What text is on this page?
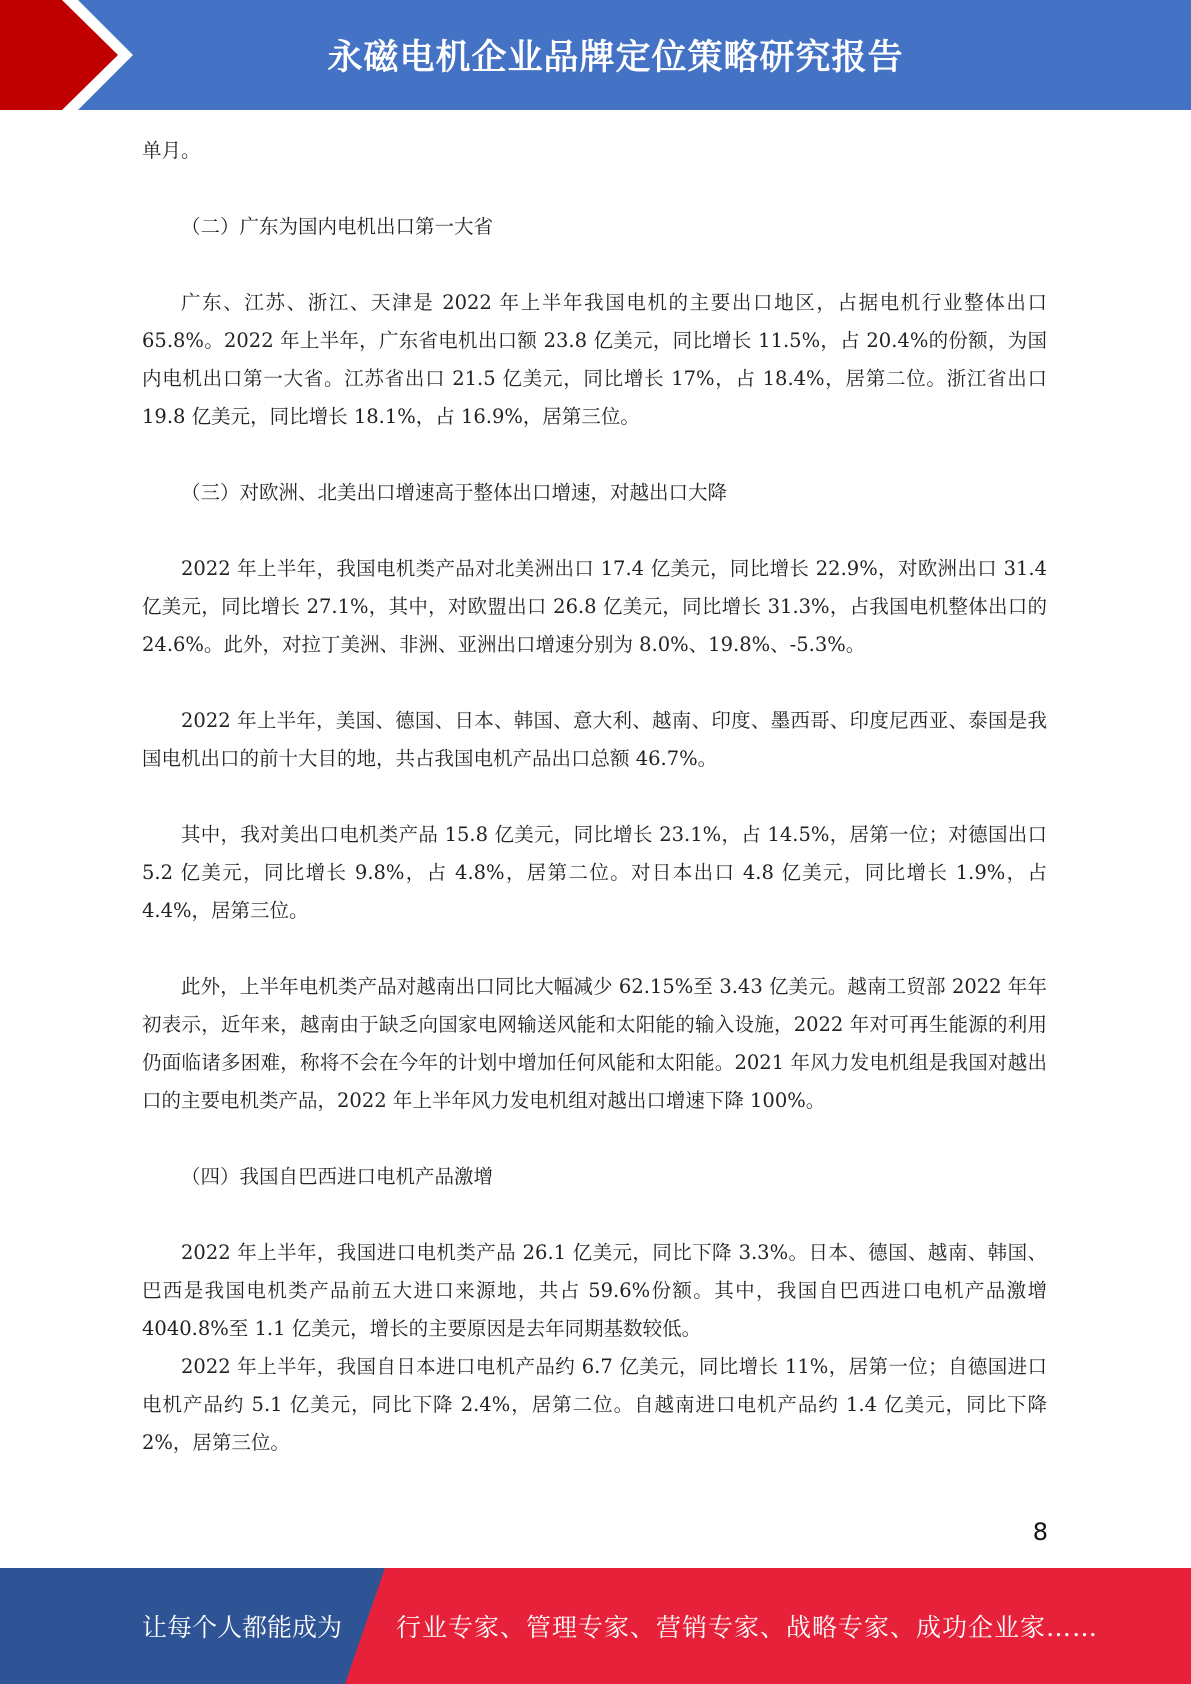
永磁电机企业品牌定位策略研究报告

单月。

（二）广东为国内电机出口第一大省

广东、江苏、浙江、天津是 2022 年上半年我国电机的主要出口地区，占据电机行业整体出口 65.8%。2022 年上半年，广东省电机出口额 23.8 亿美元，同比增长 11.5%，占 20.4%的份额，为国内电机出口第一大省。江苏省出口 21.5 亿美元，同比增长 17%，占 18.4%，居第二位。浙江省出口 19.8 亿美元，同比增长 18.1%，占 16.9%，居第三位。

（三）对欧洲、北美出口增速高于整体出口增速，对越出口大降

2022 年上半年，我国电机类产品对北美洲出口 17.4 亿美元，同比增长 22.9%，对欧洲出口 31.4 亿美元，同比增长 27.1%，其中，对欧盟出口 26.8 亿美元，同比增长 31.3%，占我国电机整体出口的 24.6%。此外，对拉丁美洲、非洲、亚洲出口增速分别为 8.0%、19.8%、-5.3%。

2022 年上半年，美国、德国、日本、韩国、意大利、越南、印度、墨西哥、印度尼西亚、泰国是我国电机出口的前十大目的地，共占我国电机产品出口总额 46.7%。

其中，我对美出口电机类产品 15.8 亿美元，同比增长 23.1%，占 14.5%，居第一位；对德国出口 5.2 亿美元，同比增长 9.8%，占 4.8%，居第二位。对日本出口 4.8 亿美元，同比增长 1.9%，占 4.4%，居第三位。

此外，上半年电机类产品对越南出口同比大幅减少 62.15%至 3.43 亿美元。越南工贸部 2022 年年初表示，近年来，越南由于缺乏向国家电网输送风能和太阳能的输入设施，2022 年对可再生能源的利用仍面临诸多困难，称将不会在今年的计划中增加任何风能和太阳能。2021 年风力发电机组是我国对越出口的主要电机类产品，2022 年上半年风力发电机组对越出口增速下降 100%。

（四）我国自巴西进口电机产品激增

2022 年上半年，我国进口电机类产品 26.1 亿美元，同比下降 3.3%。日本、德国、越南、韩国、巴西是我国电机类产品前五大进口来源地，共占 59.6%份额。其中，我国自巴西进口电机产品激增 4040.8%至 1.1 亿美元，增长的主要原因是去年同期基数较低。

2022 年上半年，我国自日本进口电机产品约 6.7 亿美元，同比增长 11%，居第一位；自德国进口电机产品约 5.1 亿美元，同比下降 2.4%，居第二位。自越南进口电机产品约 1.4 亿美元，同比下降 2%，居第三位。

8
让每个人都能成为 行业专家、管理专家、营销专家、战略专家、成功企业家……
